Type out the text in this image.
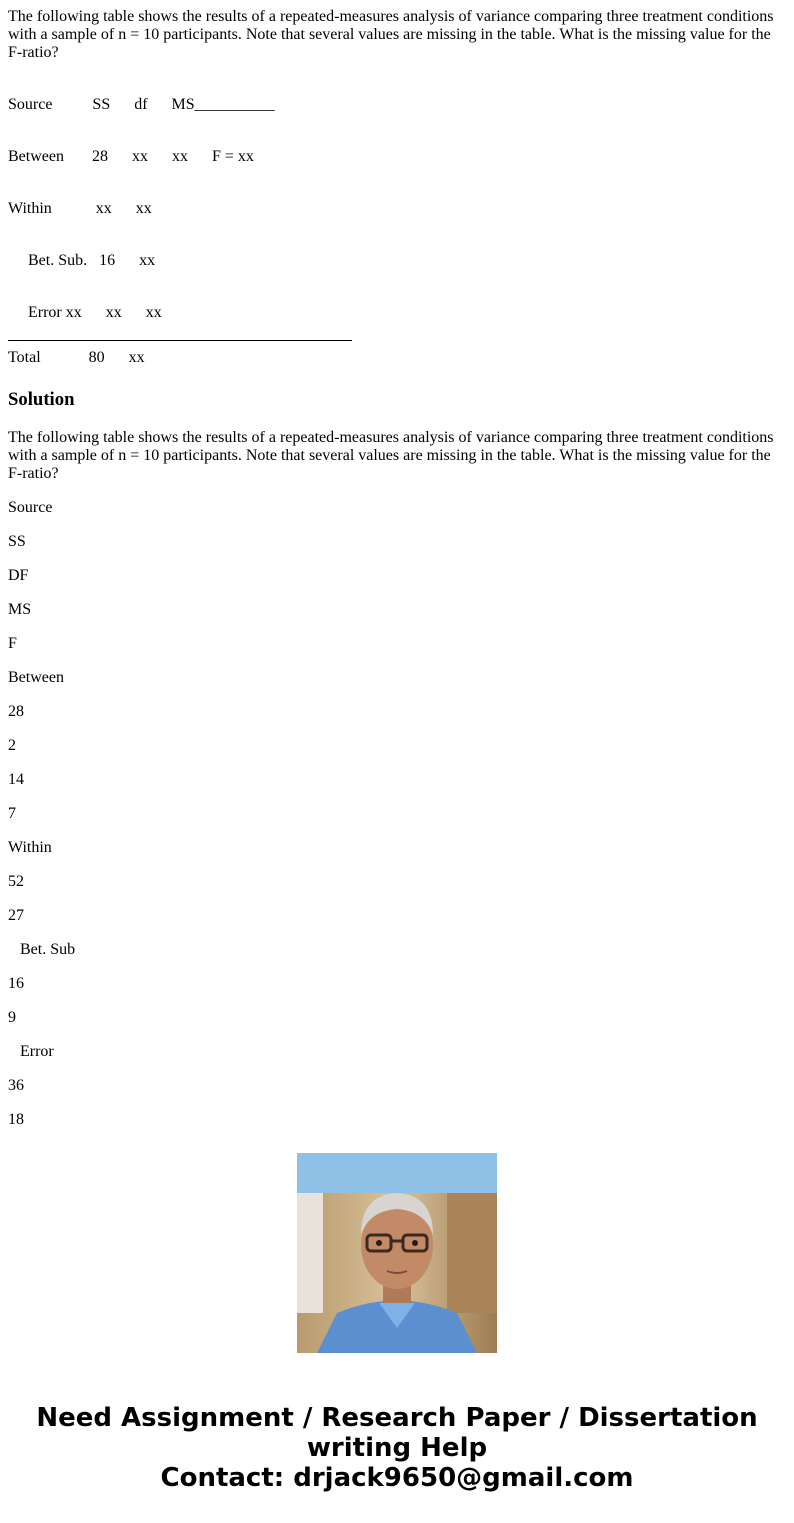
The following table shows the results of a repeated-measures analysis of variance comparing three treatment conditions with a sample of n = 10 participants. Note that several values are missing in the table. What is the missing value for the F-ratio?

Source          SS      df      MS__________
Between       28      xx      xx      F = xx
Within           xx      xx
Bet. Sub.   16      xx
Error xx      xx      xx
Total            80      xx
Solution

The following table shows the results of a repeated-measures analysis of variance comparing three treatment conditions with a sample of n = 10 participants. Note that several values are missing in the table. What is the missing value for the F-ratio?

Source
SS
DF
MS
F
Between
28
2
14
7
Within
52
27
Bet. Sub
16
9
Error
36
18
Need Assignment / Research Paper / Dissertation
writing Help
Contact: drjack9650@gmail.com
